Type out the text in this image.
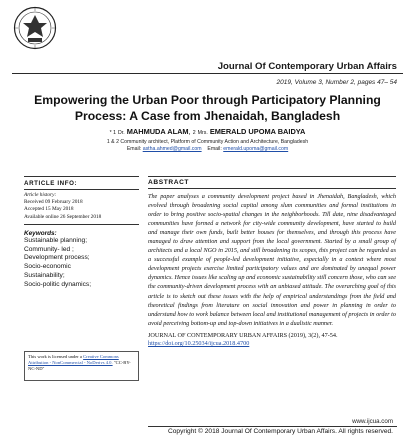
Journal Of Contemporary Urban Affairs
2019, Volume 3, Number 2, pages 47– 54
Empowering the Urban Poor through Participatory Planning Process: A Case from Jhenaidah, Bangladesh
* 1 Dr. MAHMUDA ALAM, 2 Mrs. EMERALD UPOMA BAIDYA
1 & 2 Community architect, Platform of Community Action and Architecture, Bangladesh
Email: astha.ahmed@gmail.com Email: emerald.upoma@gmail.com
ARTICLE INFO:
Article history:
Received 09 February 2018
Accepted 15 May 2018
Available online 26 September 2018
Keywords:
Sustainable planning;
Community- led ;
Development process;
Socio-economic
Sustainability;
Socio-politic dynamics;
This work is licensed under a Creative Commons Attribution - NonCommercial - NoDerivs 4.0. "CC-BY-NC-ND"
ABSTRACT

The paper analyses a community development project based in Jhenaidah, Bangladesh, which evolved through broadening social capital among slum communities and formal institutions in order to bring positive socio-spatial changes in the neighborhoods. Till date, nine disadvantaged communities have formed a network for city-wide community development, have started to build and manage their own funds, built better houses for themselves, and through this process have managed to draw attention and support from the local government. Started by a small group of architects and a local NGO in 2015, and still broadening its scopes, this project can be regarded as a successful example of people-led development initiative, especially in a context where most development projects exercise limited participatory values and are dominated by unequal power dynamics. Hence issues like scaling up and economic sustainability still concern those, who can see the community-driven development process with an unbiased attitude. The overarching goal of this article is to sketch out these issues with the help of empirical understandings from the field and theoretical findings from literature on social innovation and power in planning in order to understand how to work balance between local and institutional management of projects in order to avoid perceiving bottom-up and top-down initiatives in a dualistic manner.

JOURNAL OF CONTEMPORARY URBAN AFFAIRS (2019), 3(2), 47-54.
https://doi.org/10.25034/ijcua.2018.4700
www.ijcua.com
Copyright © 2018 Journal Of Contemporary Urban Affairs. All rights reserved.
